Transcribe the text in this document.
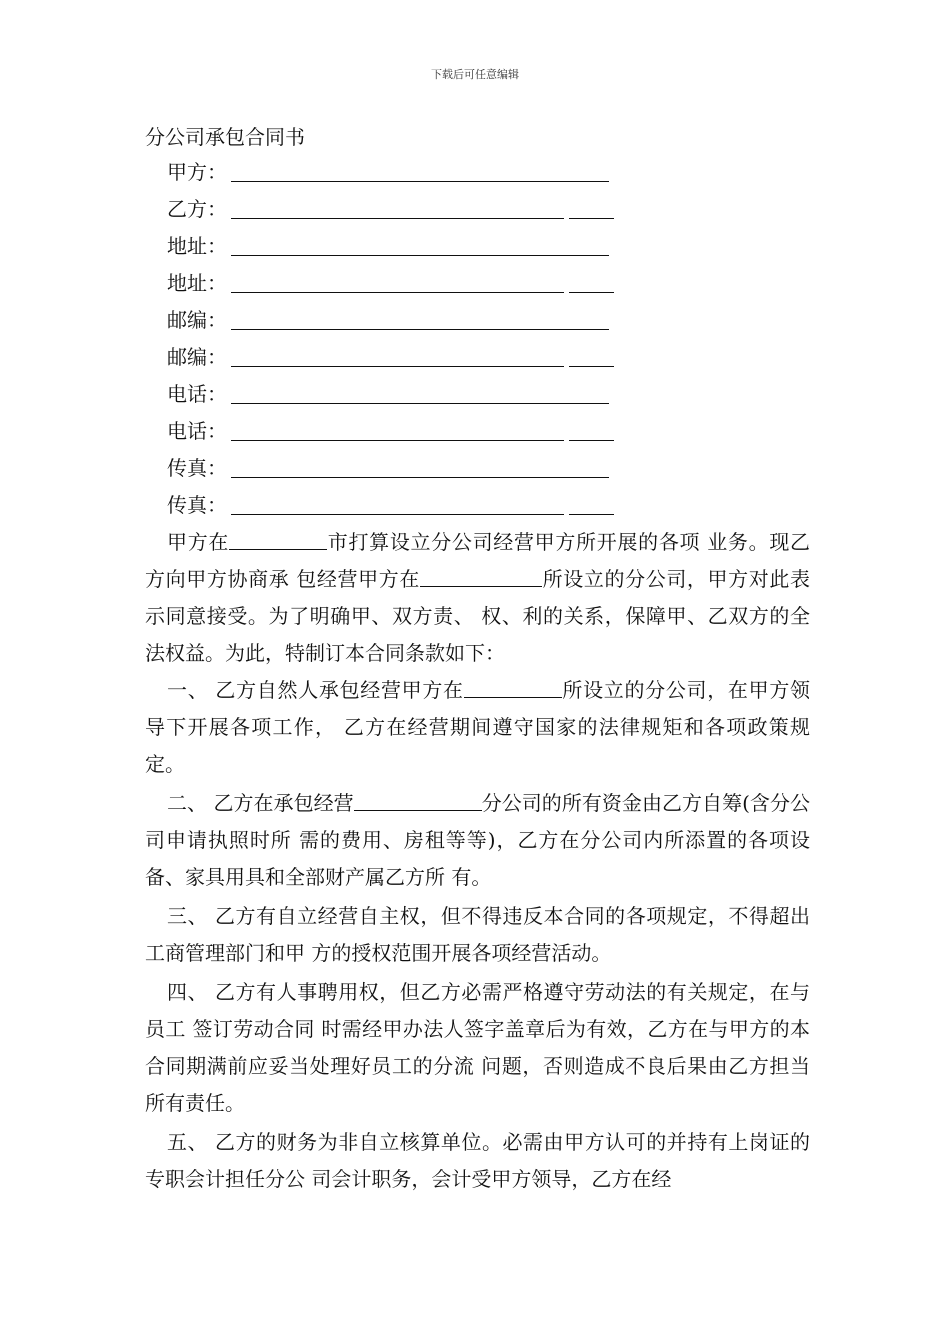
下载后可任意编辑
分公司承包合同书
甲方：
乙方：
地址：
地址：
邮编：
邮编：
电话：
电话：
传真：
传真：

甲方在	市打算设立分公司经营甲方所开展的各项 业务。现乙方向甲方协商承 包经营甲方在	所设立的分公司，甲方对此表示同意接受。为了明确甲、双方责、 权、利的关系，保障甲、乙双方的全法权益。为此，特制订本合同条款如下：

一、 乙方自然人承包经营甲方在	所设立的分公司，在甲方领导下开展各项工作， 乙方在经营期间遵守国家的法律规矩和各项政策规定。

二、 乙方在承包经营	分公司的所有资金由乙方自筹(含分公司申请执照时所 需的费用、房租等等)，乙方在分公司内所添置的各项设备、家具用具和全部财产属乙方所 有。

三、 乙方有自立经营自主权，但不得违反本合同的各项规定，不得超出工商管理部门和甲 方的授权范围开展各项经营活动。

四、 乙方有人事聘用权，但乙方必需严格遵守劳动法的有关规定，在与员工 签订劳动合同 时需经甲办法人签字盖章后为有效，乙方在与甲方的本合同期满前应妥当处理好员工的分流 问题，否则造成不良后果由乙方担当所有责任。

五、 乙方的财务为非自立核算单位。必需由甲方认可的并持有上岗证的专职会计担任分公 司会计职务，会计受甲方领导，乙方在经
